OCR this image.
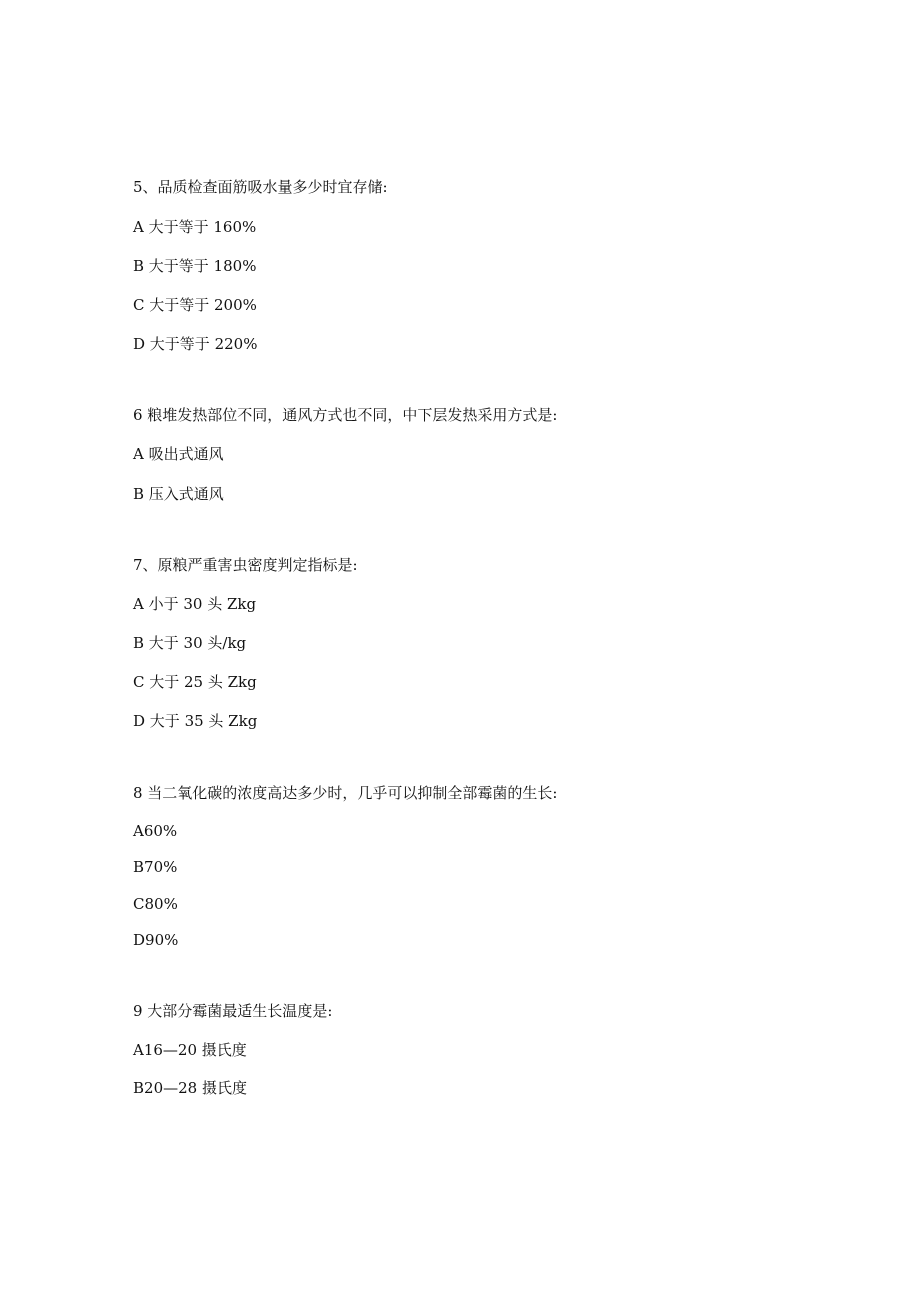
5、品质检查面筋吸水量多少时宜存储:
A 大于等于 160%
B 大于等于 180%
C 大于等于 200%
D 大于等于 220%
6 粮堆发热部位不同，通风方式也不同，中下层发热采用方式是:
A 吸出式通风
B 压入式通风
7、原粮严重害虫密度判定指标是:
A 小于 30 头 Zkg
B 大于 30 头/kg
C 大于 25 头 Zkg
D 大于 35 头 Zkg
8 当二氧化碳的浓度高达多少时，几乎可以抑制全部霉菌的生长:
A60%
B70%
C80%
D90%
9 大部分霉菌最适生长温度是:
A16—20 摄氏度
B20—28 摄氏度
